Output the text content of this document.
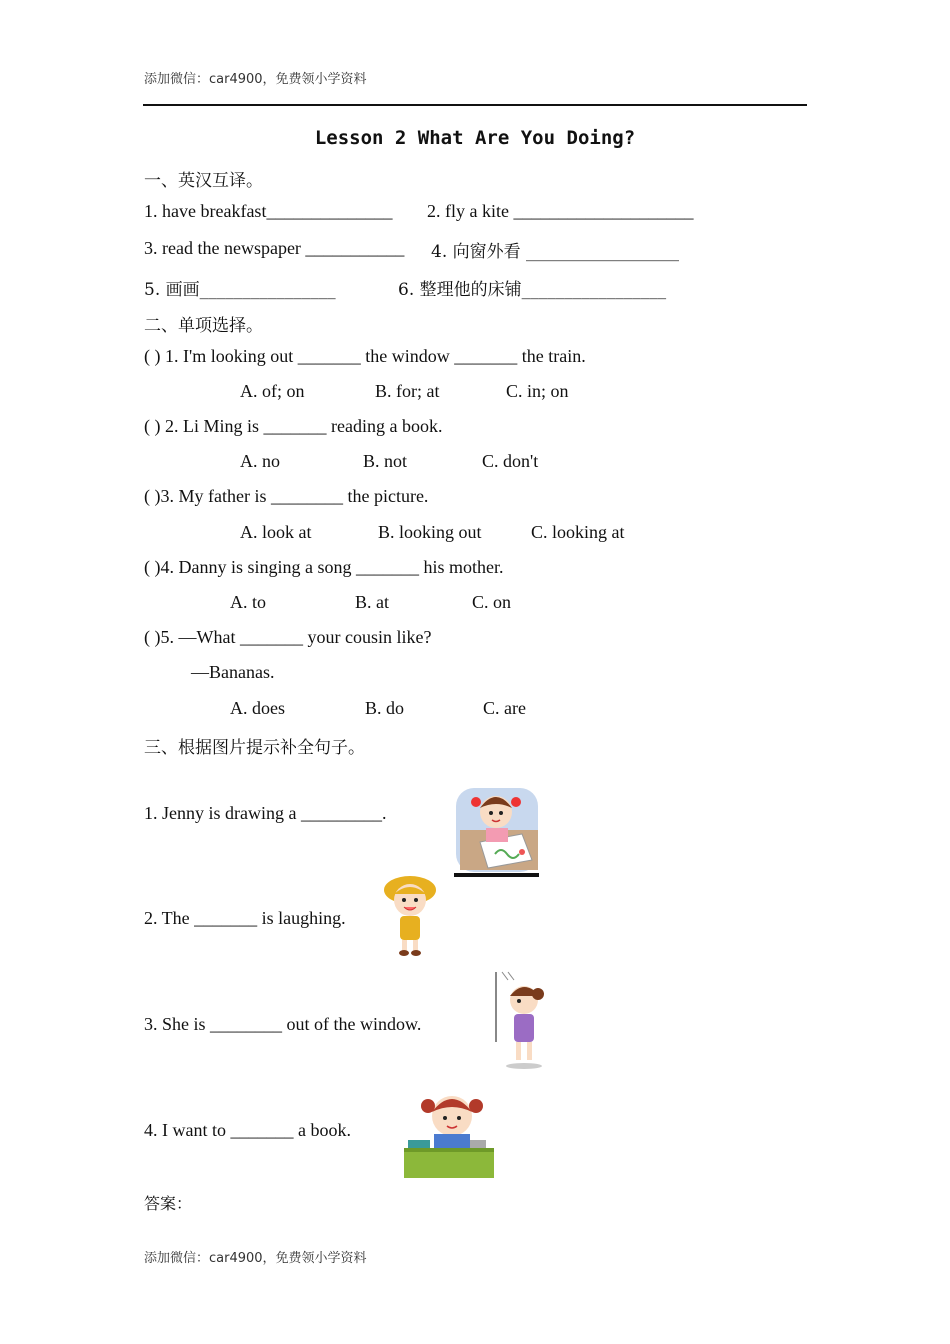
添加微信：car4900，免费领小学资料
Lesson 2 What Are You Doing?
一、英汉互译。
1. have breakfast______________ 2. fly a kite ____________________
3. read the newspaper ___________ 4. 向窗外看 __________________
5. 画画________________	6. 整理他的床铺_________________
二、单项选择。
( ) 1. I'm looking out _______ the window _______ the train.
A. of; on	B. for; at	C. in; on
( ) 2. Li Ming is _______ reading a book.
A. no	B. not	C. don't
( )3. My father is ________ the picture.
A. look at	B. looking out	C. looking at
( )4. Danny is singing a song _______ his mother.
A. to	B. at	C. on
( )5. —What _______ your cousin like?
—Bananas.
A. does	B. do	C. are
三、根据图片提示补全句子。
1. Jenny is drawing a _________.
2. The _______ is laughing.
3. She is ________ out of the window.
4. I want to _______ a book.
答案：
添加微信：car4900，免费领小学资料
